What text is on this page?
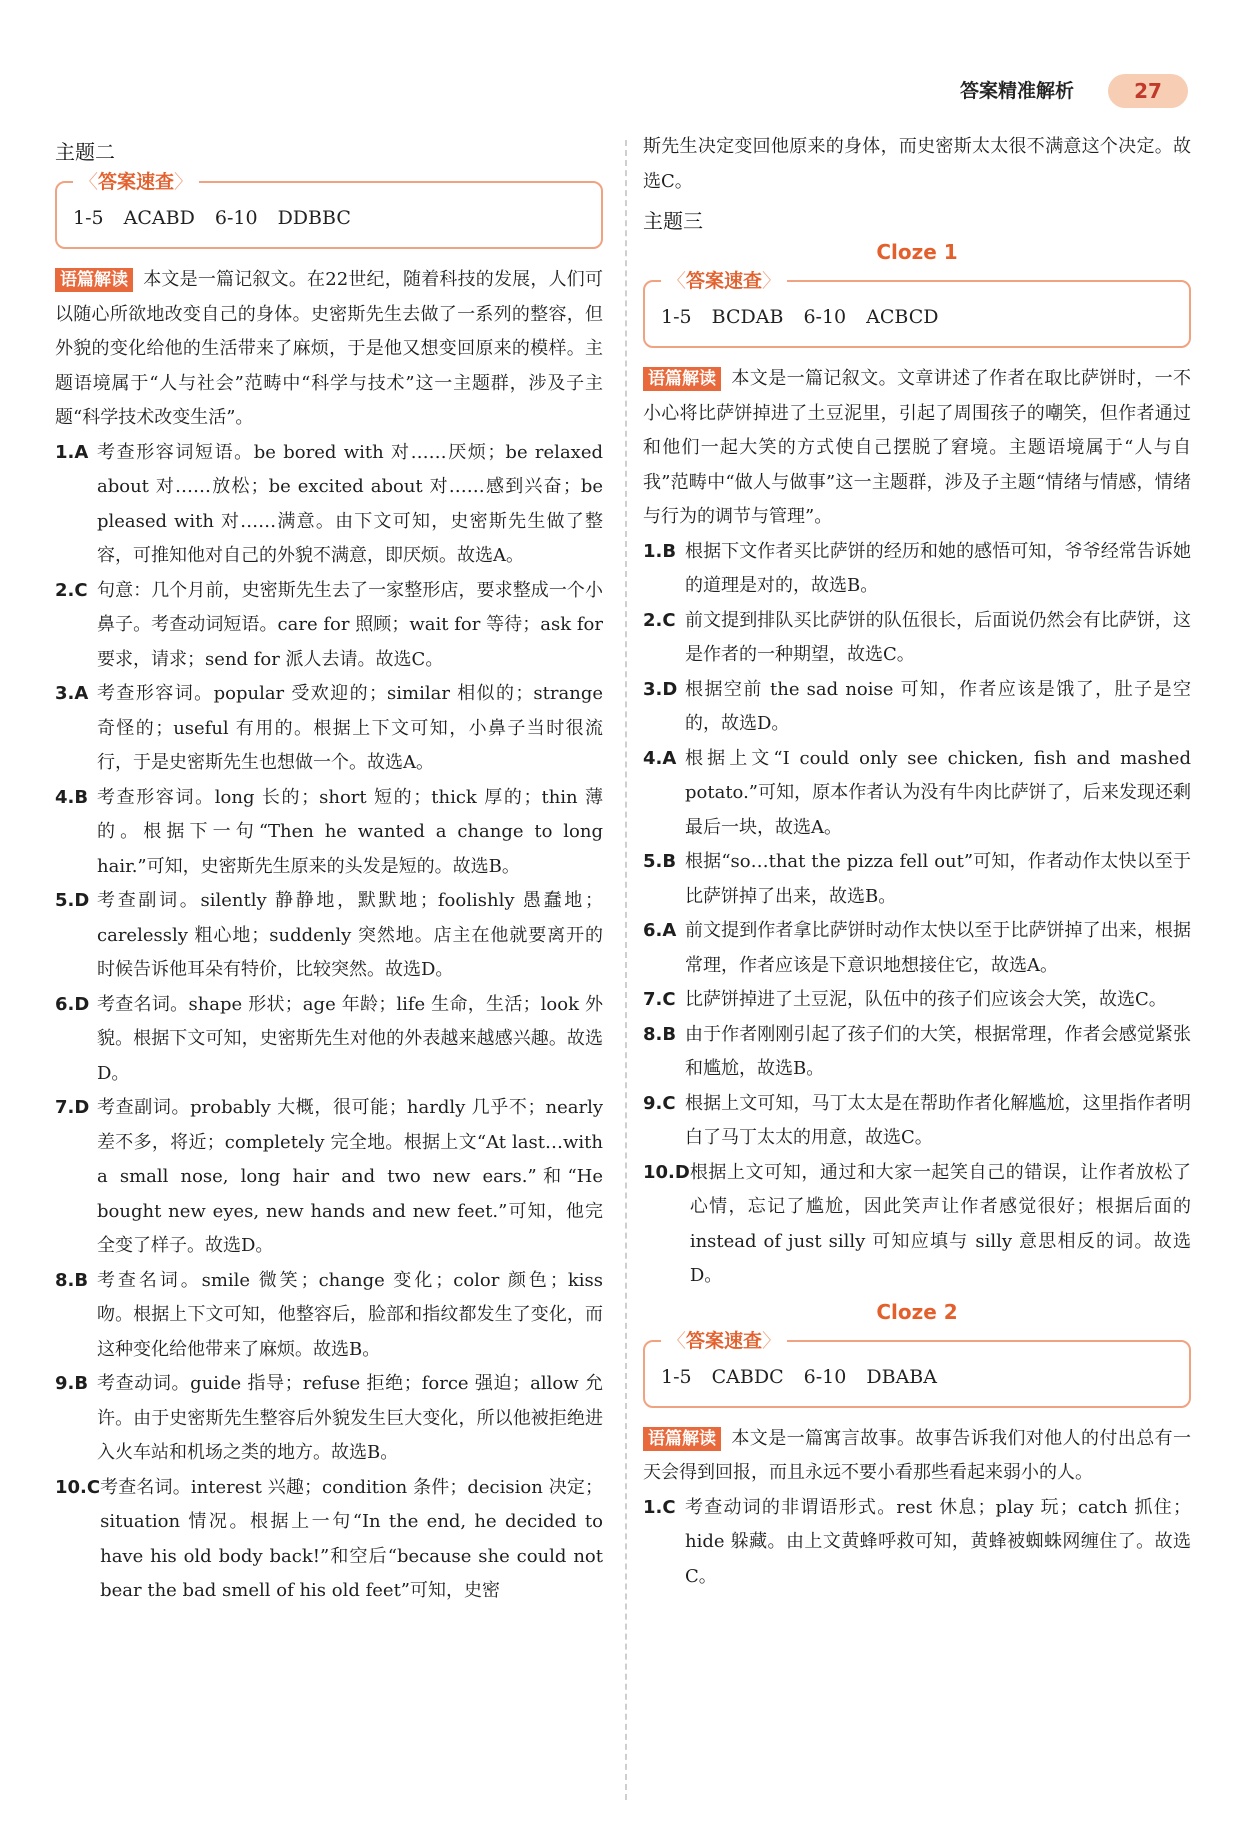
答案精准解析	27
主题二
〈答案速查〉
1-5 ACABD 6-10 DDBBC

语篇解读 本文是一篇记叙文。在22世纪，随着科技的发展，人们可以随心所欲地改变自己的身体。史密斯先生去做了一系列的整容，但外貌的变化给他的生活带来了麻烦，于是他又想变回原来的模样。主题语境属于“人与社会”范畴中“科学与技术”这一主题群，涉及子主题“科学技术改变生活”。

1.A 考查形容词短语。be bored with 对……厌烦；be relaxed about 对……放松；be excited about 对……感到兴奋；be pleased with 对……满意。由下文可知，史密斯先生做了整容，可推知他对自己的外貌不满意，即厌烦。故选A。
2.C 句意：几个月前，史密斯先生去了一家整形店，要求整成一个小鼻子。考查动词短语。care for 照顾；wait for 等待；ask for 要求，请求；send for 派人去请。故选C。
3.A 考查形容词。popular 受欢迎的；similar 相似的；strange 奇怪的；useful 有用的。根据上下文可知，小鼻子当时很流行，于是史密斯先生也想做一个。故选A。
4.B 考查形容词。long 长的；short 短的；thick 厚的；thin 薄的。根据下一句“Then he wanted a change to long hair.”可知，史密斯先生原来的头发是短的。故选B。
5.D 考查副词。silently 静静地，默默地；foolishly 愚蠢地；carelessly 粗心地；suddenly 突然地。店主在他就要离开的时候告诉他耳朵有特价，比较突然。故选D。
6.D 考查名词。shape 形状；age 年龄；life 生命，生活；look 外貌。根据下文可知，史密斯先生对他的外表越来越感兴趣。故选D。
7.D 考查副词。probably 大概，很可能；hardly 几乎不；nearly 差不多，将近；completely 完全地。根据上文“At last…with a small nose, long hair and two new ears.”和“He bought new eyes, new hands and new feet.”可知，他完全变了样子。故选D。
8.B 考查名词。smile 微笑；change 变化；color 颜色；kiss 吻。根据上下文可知，他整容后，脸部和指纹都发生了变化，而这种变化给他带来了麻烦。故选B。
9.B 考查动词。guide 指导；refuse 拒绝；force 强迫；allow 允许。由于史密斯先生整容后外貌发生巨大变化，所以他被拒绝进入火车站和机场之类的地方。故选B。
10.C 考查名词。interest 兴趣；condition 条件；decision 决定；situation 情况。根据上一句“In the end, he decided to have his old body back!”和空后“because she could not bear the bad smell of his old feet”可知，史密

斯先生决定变回他原来的身体，而史密斯太太很不满意这个决定。故选C。

主题三
Cloze 1
〈答案速查〉
1-5 BCDAB 6-10 ACBCD

语篇解读 本文是一篇记叙文。文章讲述了作者在取比萨饼时，一不小心将比萨饼掉进了土豆泥里，引起了周围孩子的嘲笑，但作者通过和他们一起大笑的方式使自己摆脱了窘境。主题语境属于“人与自我”范畴中“做人与做事”这一主题群，涉及子主题“情绪与情感，情绪与行为的调节与管理”。

1.B 根据下文作者买比萨饼的经历和她的感悟可知，爷爷经常告诉她的道理是对的，故选B。
2.C 前文提到排队买比萨饼的队伍很长，后面说仍然会有比萨饼，这是作者的一种期望，故选C。
3.D 根据空前 the sad noise 可知，作者应该是饿了，肚子是空的，故选D。
4.A 根据上文“I could only see chicken, fish and mashed potato.”可知，原本作者认为没有牛肉比萨饼了，后来发现还剩最后一块，故选A。
5.B 根据“so…that the pizza fell out”可知，作者动作太快以至于比萨饼掉了出来，故选B。
6.A 前文提到作者拿比萨饼时动作太快以至于比萨饼掉了出来，根据常理，作者应该是下意识地想接住它，故选A。
7.C 比萨饼掉进了土豆泥，队伍中的孩子们应该会大笑，故选C。
8.B 由于作者刚刚引起了孩子们的大笑，根据常理，作者会感觉紧张和尴尬，故选B。
9.C 根据上文可知，马丁太太是在帮助作者化解尴尬，这里指作者明白了马丁太太的用意，故选C。
10.D 根据上文可知，通过和大家一起笑自己的错误，让作者放松了心情，忘记了尴尬，因此笑声让作者感觉很好；根据后面的 instead of just silly 可知应填与 silly 意思相反的词。故选D。
Cloze 2
〈答案速查〉
1-5 CABDC 6-10 DBABA

语篇解读 本文是一篇寓言故事。故事告诉我们对他人的付出总有一天会得到回报，而且永远不要小看那些看起来弱小的人。

1.C 考查动词的非谓语形式。rest 休息；play 玩；catch 抓住；hide 躲藏。由上文黄蜂呼救可知，黄蜂被蜘蛛网缠住了。故选C。
